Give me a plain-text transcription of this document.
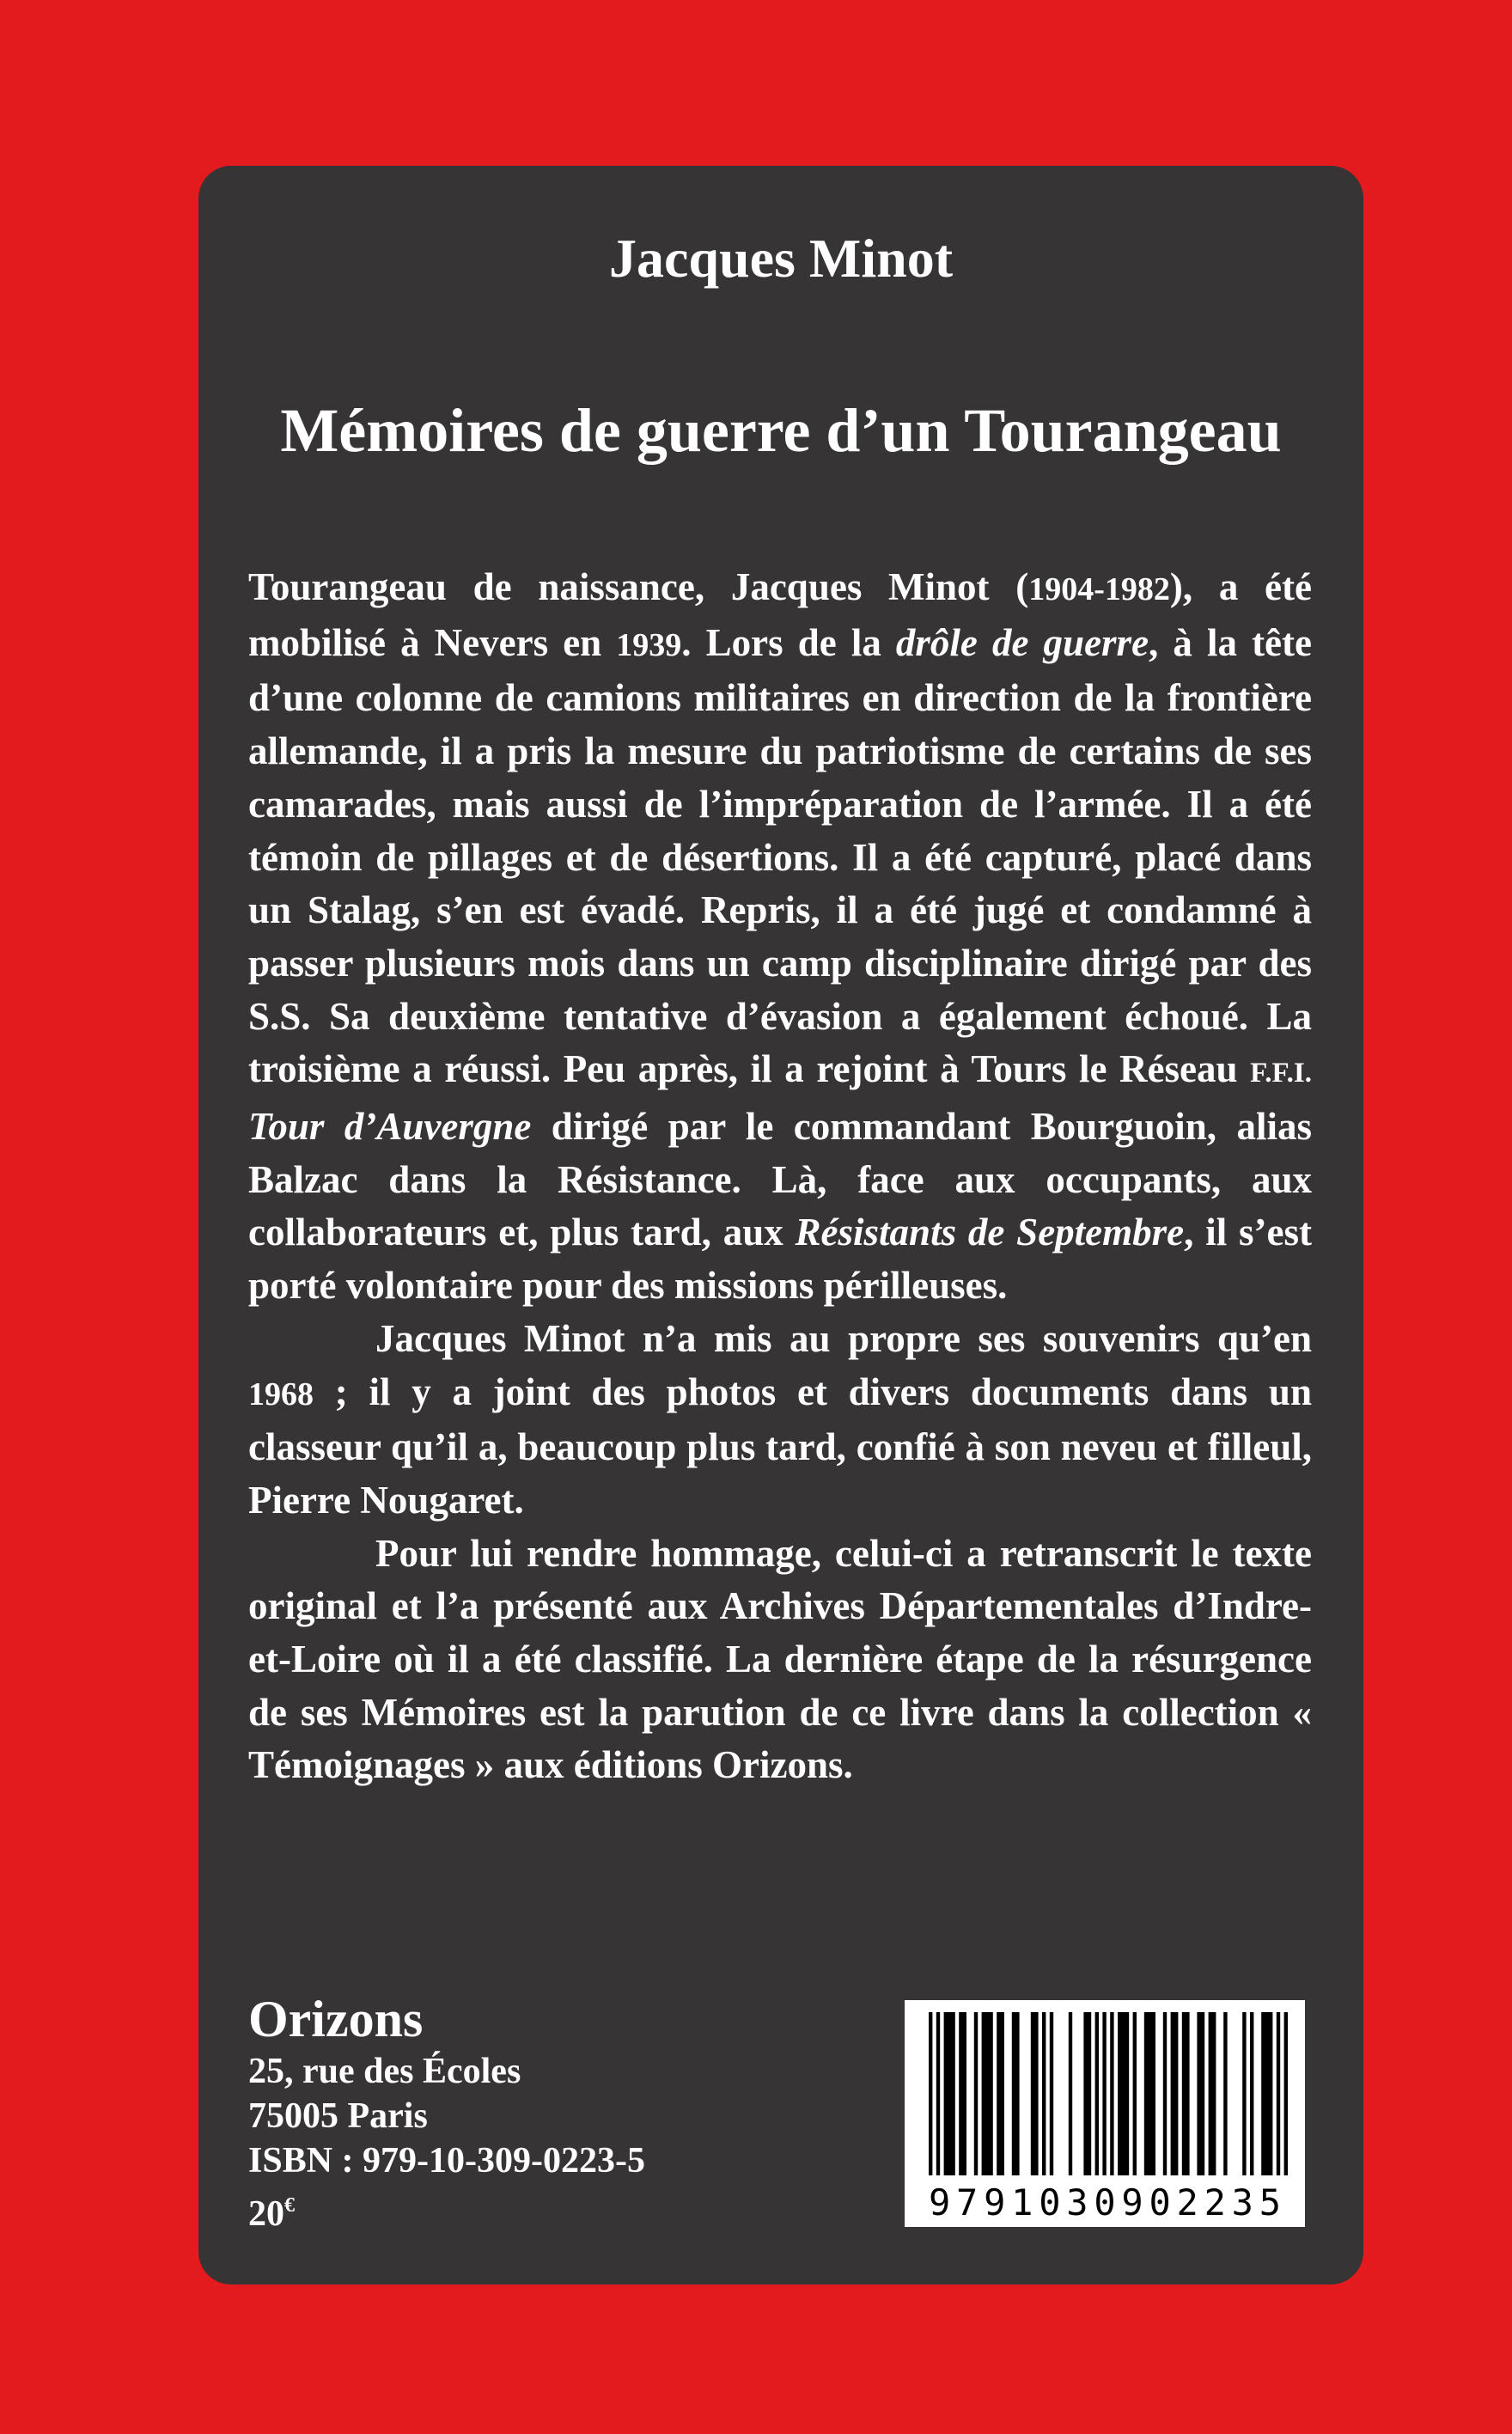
Jacques Minot
Mémoires de guerre d’un Tourangeau

Tourangeau de naissance, Jacques Minot (1904-1982), a été mobilisé à Nevers en 1939. Lors de la drôle de guerre, à la tête d’une colonne de camions militaires en direction de la frontière allemande, il a pris la mesure du patriotisme de certains de ses camarades, mais aussi de l’impréparation de l’armée. Il a été témoin de pillages et de désertions. Il a été capturé, placé dans un Stalag, s’en est évadé. Repris, il a été jugé et condamné à passer plusieurs mois dans un camp disciplinaire dirigé par des S.S. Sa deuxième tentative d’évasion a également échoué. La troisième a réussi. Peu après, il a rejoint à Tours le Réseau F.F.I. Tour d’Auvergne dirigé par le commandant Bourguoin, alias Balzac dans la Résistance. Là, face aux occupants, aux collaborateurs et, plus tard, aux Résistants de Septembre, il s’est porté volontaire pour des missions périlleuses.

Jacques Minot n’a mis au propre ses souvenirs qu’en 1968 ; il y a joint des photos et divers documents dans un classeur qu’il a, beaucoup plus tard, confié à son neveu et filleul, Pierre Nougaret.

Pour lui rendre hommage, celui-ci a retranscrit le texte original et l’a présenté aux Archives Départementales d’Indre-et-Loire où il a été classifié. La dernière étape de la résurgence de ses Mémoires est la parution de ce livre dans la collection « Témoignages » aux éditions Orizons.

Orizons
25, rue des Écoles
75005 Paris
ISBN : 979-10-309-0223-5
20€	9791030902235
